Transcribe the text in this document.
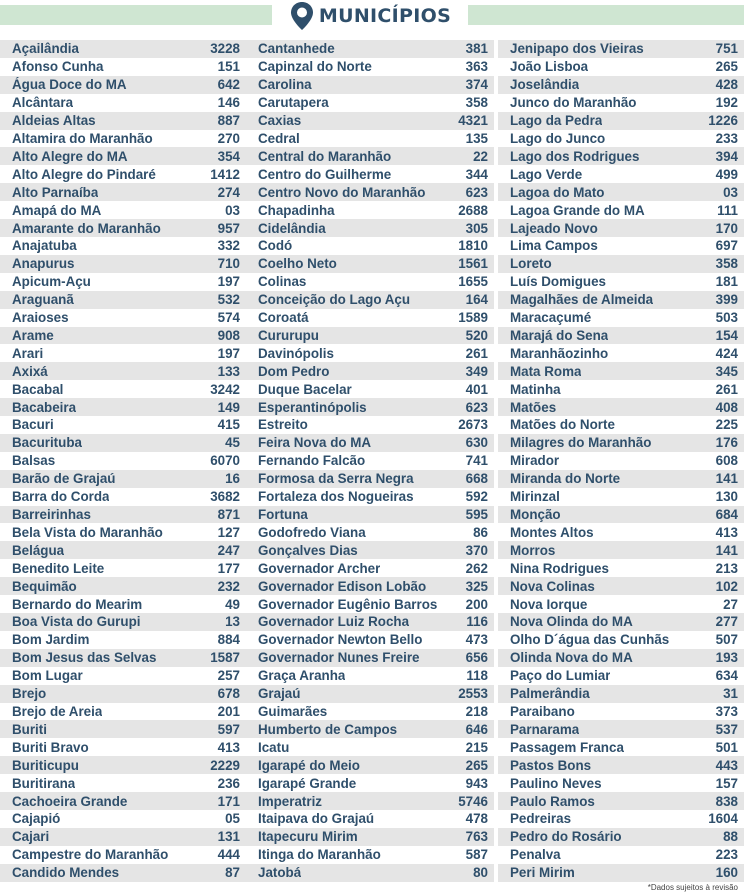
MUNICÍPIOS
Açailândia	3228
Afonso Cunha	151
Água Doce do MA	642
Alcântara	146
Aldeias Altas	887
Altamira do Maranhão	270
Alto Alegre do MA	354
Alto Alegre do Pindaré	1412
Alto Parnaíba	274
Amapá do MA	03
Amarante do Maranhão	957
Anajatuba	332
Anapurus	710
Apicum-Açu	197
Araguanã	532
Araioses	574
Arame	908
Arari	197
Axixá	133
Bacabal	3242
Bacabeira	149
Bacuri	415
Bacurituba	45
Balsas	6070
Barão de Grajaú	16
Barra do Corda	3682
Barreirinhas	871
Bela Vista do Maranhão	127
Belágua	247
Benedito Leite	177
Bequimão	232
Bernardo do Mearim	49
Boa Vista do Gurupi	13
Bom Jardim	884
Bom Jesus das Selvas	1587
Bom Lugar	257
Brejo	678
Brejo de Areia	201
Buriti	597
Buriti Bravo	413
Buriticupu	2229
Buritirana	236
Cachoeira Grande	171
Cajapió	05
Cajari	131
Campestre do Maranhão	444
Candido Mendes	87
Cantanhede	381
Capinzal do Norte	363
Carolina	374
Carutapera	358
Caxias	4321
Cedral	135
Central do Maranhão	22
Centro do Guilherme	344
Centro Novo do Maranhão	623
Chapadinha	2688
Cidelândia	305
Codó	1810
Coelho Neto	1561
Colinas	1655
Conceição do Lago Açu	164
Coroatá	1589
Cururupu	520
Davinópolis	261
Dom Pedro	349
Duque Bacelar	401
Esperantinópolis	623
Estreito	2673
Feira Nova do MA	630
Fernando Falcão	741
Formosa da Serra Negra	668
Fortaleza dos Nogueiras	592
Fortuna	595
Godofredo Viana	86
Gonçalves Dias	370
Governador Archer	262
Governador Edison Lobão	325
Governador Eugênio Barros 200
Governador Luiz Rocha	116
Governador Newton Bello	473
Governador Nunes Freire	656
Graça Aranha	118
Grajaú	2553
Guimarães	218
Humberto de Campos	646
Icatu	215
Igarapé do Meio	265
Igarapé Grande	943
Imperatriz	5746
Itaipava do Grajaú	478
Itapecuru Mirim	763
Itinga do Maranhão	587
Jatobá	80
Jenipapo dos Vieiras	751
João Lisboa	265
Joselândia	428
Junco do Maranhão	192
Lago da Pedra	1226
Lago do Junco	233
Lago dos Rodrigues	394
Lago Verde	499
Lagoa do Mato	03
Lagoa Grande do MA	111
Lajeado Novo	170
Lima Campos	697
Loreto	358
Luís Domigues	181
Magalhães de Almeida	399
Maracaçumé	503
Marajá do Sena	154
Maranhãozinho	424
Mata Roma	345
Matinha	261
Matões	408
Matões do Norte	225
Milagres do Maranhão	176
Mirador	608
Miranda do Norte	141
Mirinzal	130
Monção	684
Montes Altos	413
Morros	141
Nina Rodrigues	213
Nova Colinas	102
Nova Iorque	27
Nova Olinda do MA	277
Olho D´água das Cunhãs	507
Olinda Nova do MA	193
Paço do Lumiar	634
Palmerândia	31
Paraibano	373
Parnarama	537
Passagem Franca	501
Pastos Bons	443
Paulino Neves	157
Paulo Ramos	838
Pedreiras	1604
Pedro do Rosário	88
Penalva	223
Peri Mirim	160
*Dados sujeitos à revisão
